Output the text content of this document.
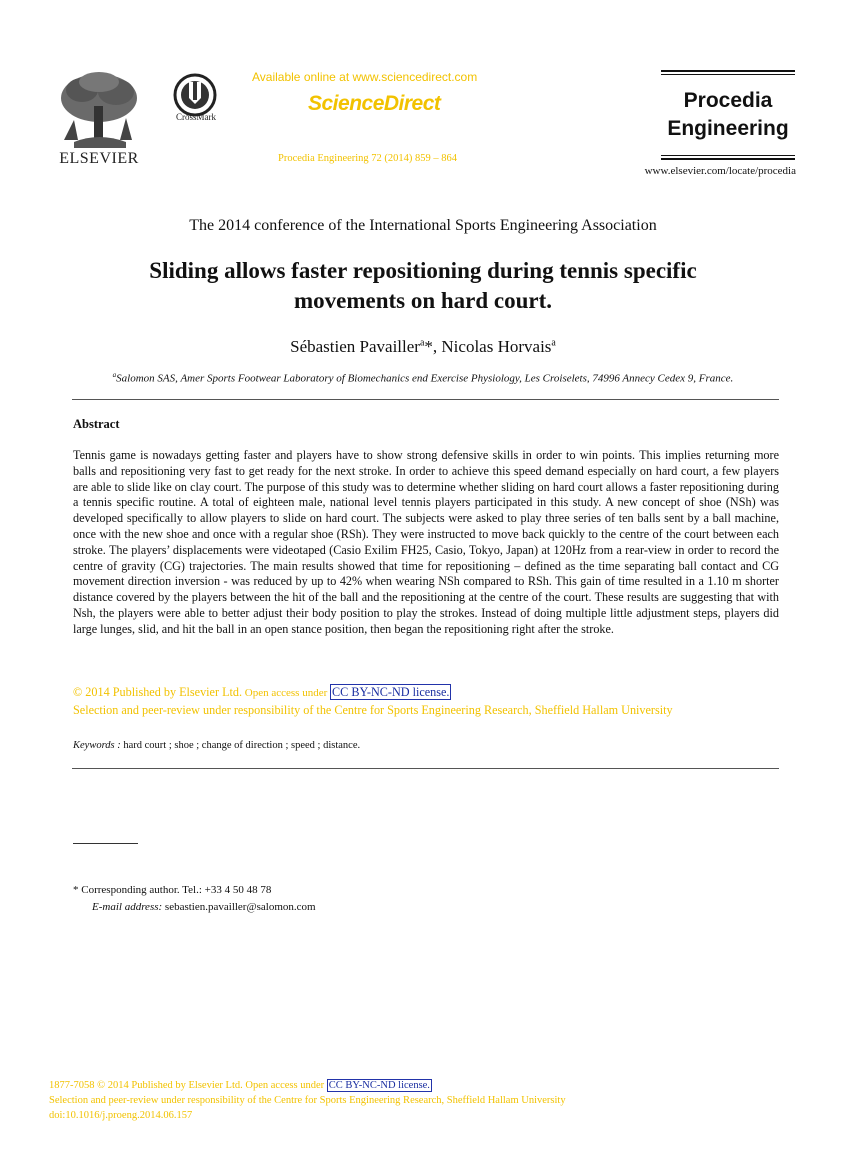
ELSEVIER
CrossMark
Available online at www.sciencedirect.com
ScienceDirect
Procedia Engineering 72 (2014) 859 – 864
Procedia
Engineering
www.elsevier.com/locate/procedia
The 2014 conference of the International Sports Engineering Association
Sliding allows faster repositioning during tennis specific
movements on hard court.
Sébastien Pavailler$^a$*, Nicolas Horvais$^a$
$^a$Salomon SAS, Amer Sports Footwear Laboratory of Biomechanics end Exercise Physiology, Les Croiselets, 74996 Annecy Cedex 9, France.
Abstract
Tennis game is nowadays getting faster and players have to show strong defensive skills in order to win points. This implies returning more balls and repositioning very fast to get ready for the next stroke. In order to achieve this speed demand especially on hard court, a few players are able to slide like on clay court. The purpose of this study was to determine whether sliding on hard court allows a faster repositioning during a tennis specific routine. A total of eighteen male, national level tennis players participated in this study. A new concept of shoe (NSh) was developed specifically to allow players to slide on hard court. The subjects were asked to play three series of ten balls sent by a ball machine, once with the new shoe and once with a regular shoe (RSh). They were instructed to move back quickly to the centre of the court between each stroke. The players’ displacements were videotaped (Casio Exilim FH25, Casio, Tokyo, Japan) at 120Hz from a rear-view in order to record the centre of gravity (CG) trajectories. The main results showed that time for repositioning – defined as the time separating ball contact and CG movement direction inversion - was reduced by up to 42% when wearing NSh compared to RSh. This gain of time resulted in a 1.10 m shorter distance covered by the players between the hit of the ball and the repositioning at the centre of the court. These results are suggesting that with Nsh, the players were able to better adjust their body position to play the strokes. Instead of doing multiple little adjustment steps, players did large lunges, slid, and hit the ball in an open stance position, then began the repositioning right after the stroke.
© 2014 Published by Elsevier Ltd. Open access under CC BY-NC-ND license.
Selection and peer-review under responsibility of the Centre for Sports Engineering Research, Sheffield Hallam University
Keywords : hard court ; shoe ; change of direction ; speed ; distance.
* Corresponding author. Tel.: +33 4 50 48 78
E-mail address: sebastien.pavailler@salomon.com
1877-7058 © 2014 Published by Elsevier Ltd. Open access under CC BY-NC-ND license.
Selection and peer-review under responsibility of the Centre for Sports Engineering Research, Sheffield Hallam University
doi:10.1016/j.proeng.2014.06.157
